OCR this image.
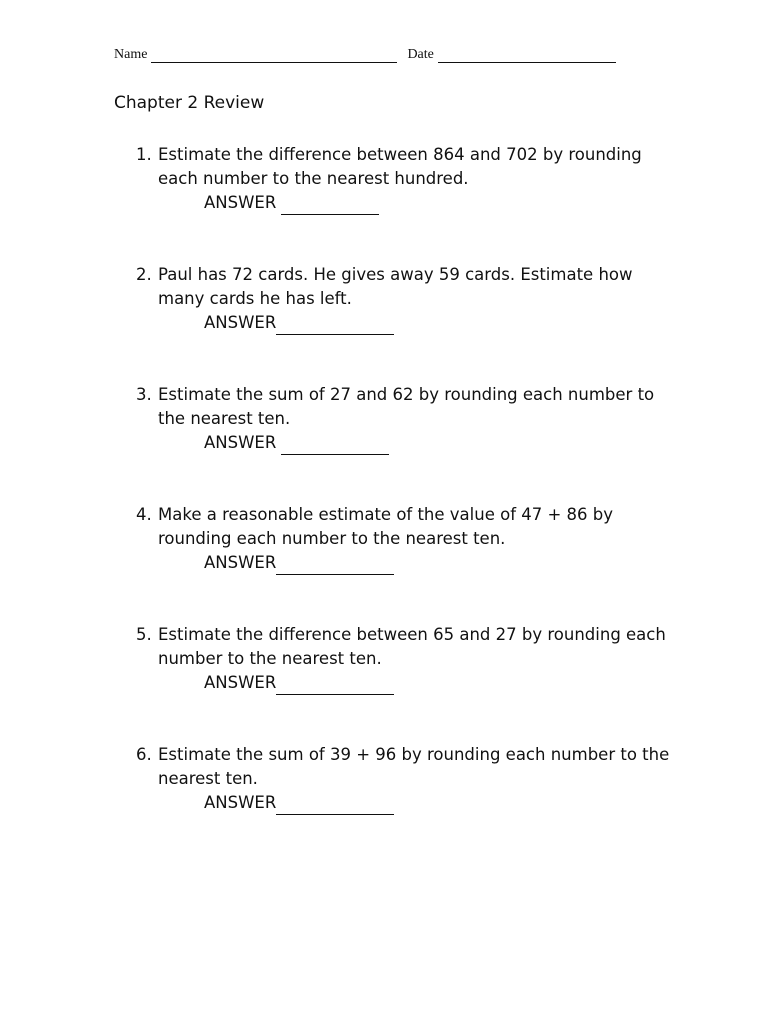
Name	Date
Chapter 2 Review
1. Estimate the difference between 864 and 702 by rounding each number to the nearest hundred.
ANSWER
2. Paul has 72 cards. He gives away 59 cards. Estimate how many cards he has left.
ANSWER
3. Estimate the sum of 27 and 62 by rounding each number to the nearest ten.
ANSWER
4. Make a reasonable estimate of the value of 47 + 86 by rounding each number to the nearest ten.
ANSWER
5. Estimate the difference between 65 and 27 by rounding each number to the nearest ten.
ANSWER
6. Estimate the sum of 39 + 96 by rounding each number to the nearest ten.
ANSWER
